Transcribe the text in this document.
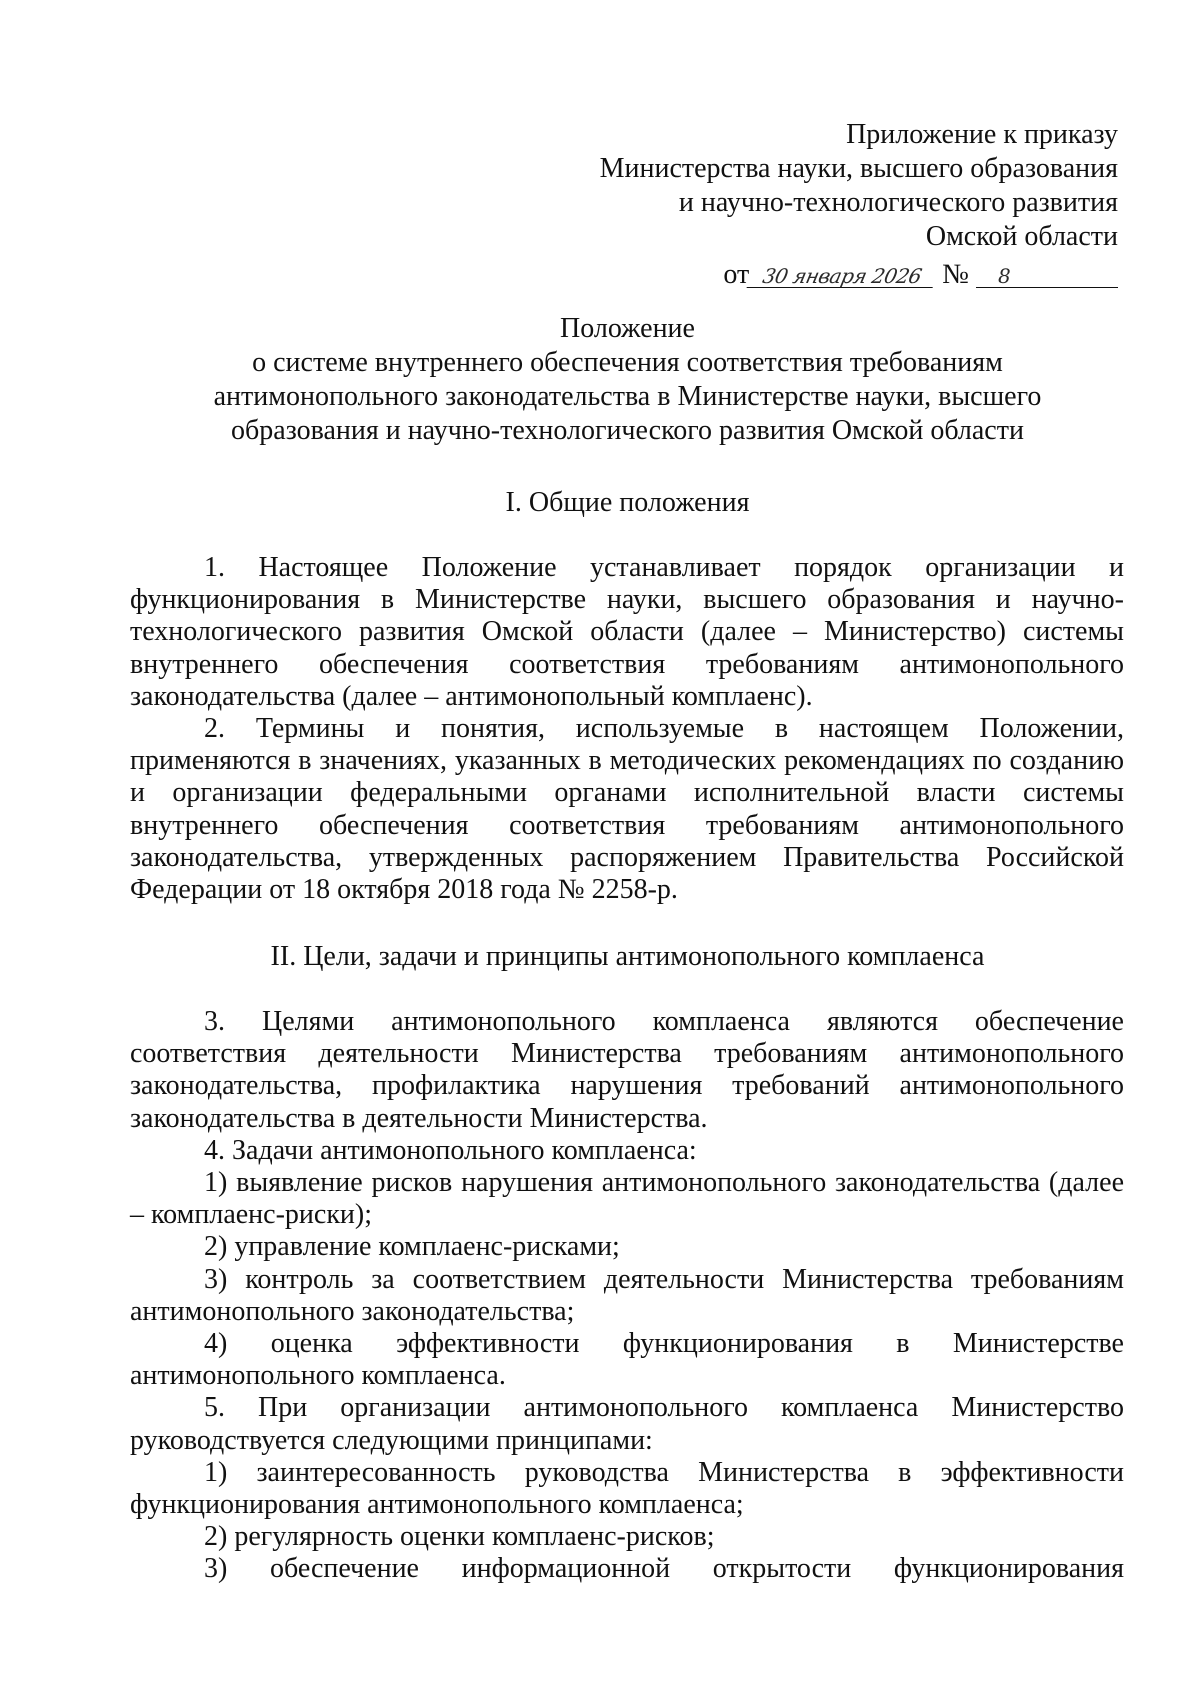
Приложение к приказу
Министерства науки, высшего образования
и научно-технологического развития
Омской области
от 30 января 2026 № 8
Положение
о системе внутреннего обеспечения соответствия требованиям
антимонопольного законодательства в Министерстве науки, высшего
образования и научно-технологического развития Омской области
I. Общие положения

1. Настоящее Положение устанавливает порядок организации и функционирования в Министерстве науки, высшего образования и научно-технологического развития Омской области (далее – Министерство) системы внутреннего обеспечения соответствия требованиям антимонопольного законодательства (далее – антимонопольный комплаенс).

2. Термины и понятия, используемые в настоящем Положении, применяются в значениях, указанных в методических рекомендациях по созданию и организации федеральными органами исполнительной власти системы внутреннего обеспечения соответствия требованиям антимонопольного законодательства, утвержденных распоряжением Правительства Российской Федерации от 18 октября 2018 года № 2258-р.

II. Цели, задачи и принципы антимонопольного комплаенса

3. Целями антимонопольного комплаенса являются обеспечение соответствия деятельности Министерства требованиям антимонопольного законодательства, профилактика нарушения требований антимонопольного законодательства в деятельности Министерства.

4. Задачи антимонопольного комплаенса:

1) выявление рисков нарушения антимонопольного законодательства (далее – комплаенс-риски);

2) управление комплаенс-рисками;

3) контроль за соответствием деятельности Министерства требованиям антимонопольного законодательства;

4) оценка эффективности функционирования в Министерстве антимонопольного комплаенса.

5. При организации антимонопольного комплаенса Министерство руководствуется следующими принципами:

1) заинтересованность руководства Министерства в эффективности функционирования антимонопольного комплаенса;

2) регулярность оценки комплаенс-рисков;

3) обеспечение информационной открытости функционирования
